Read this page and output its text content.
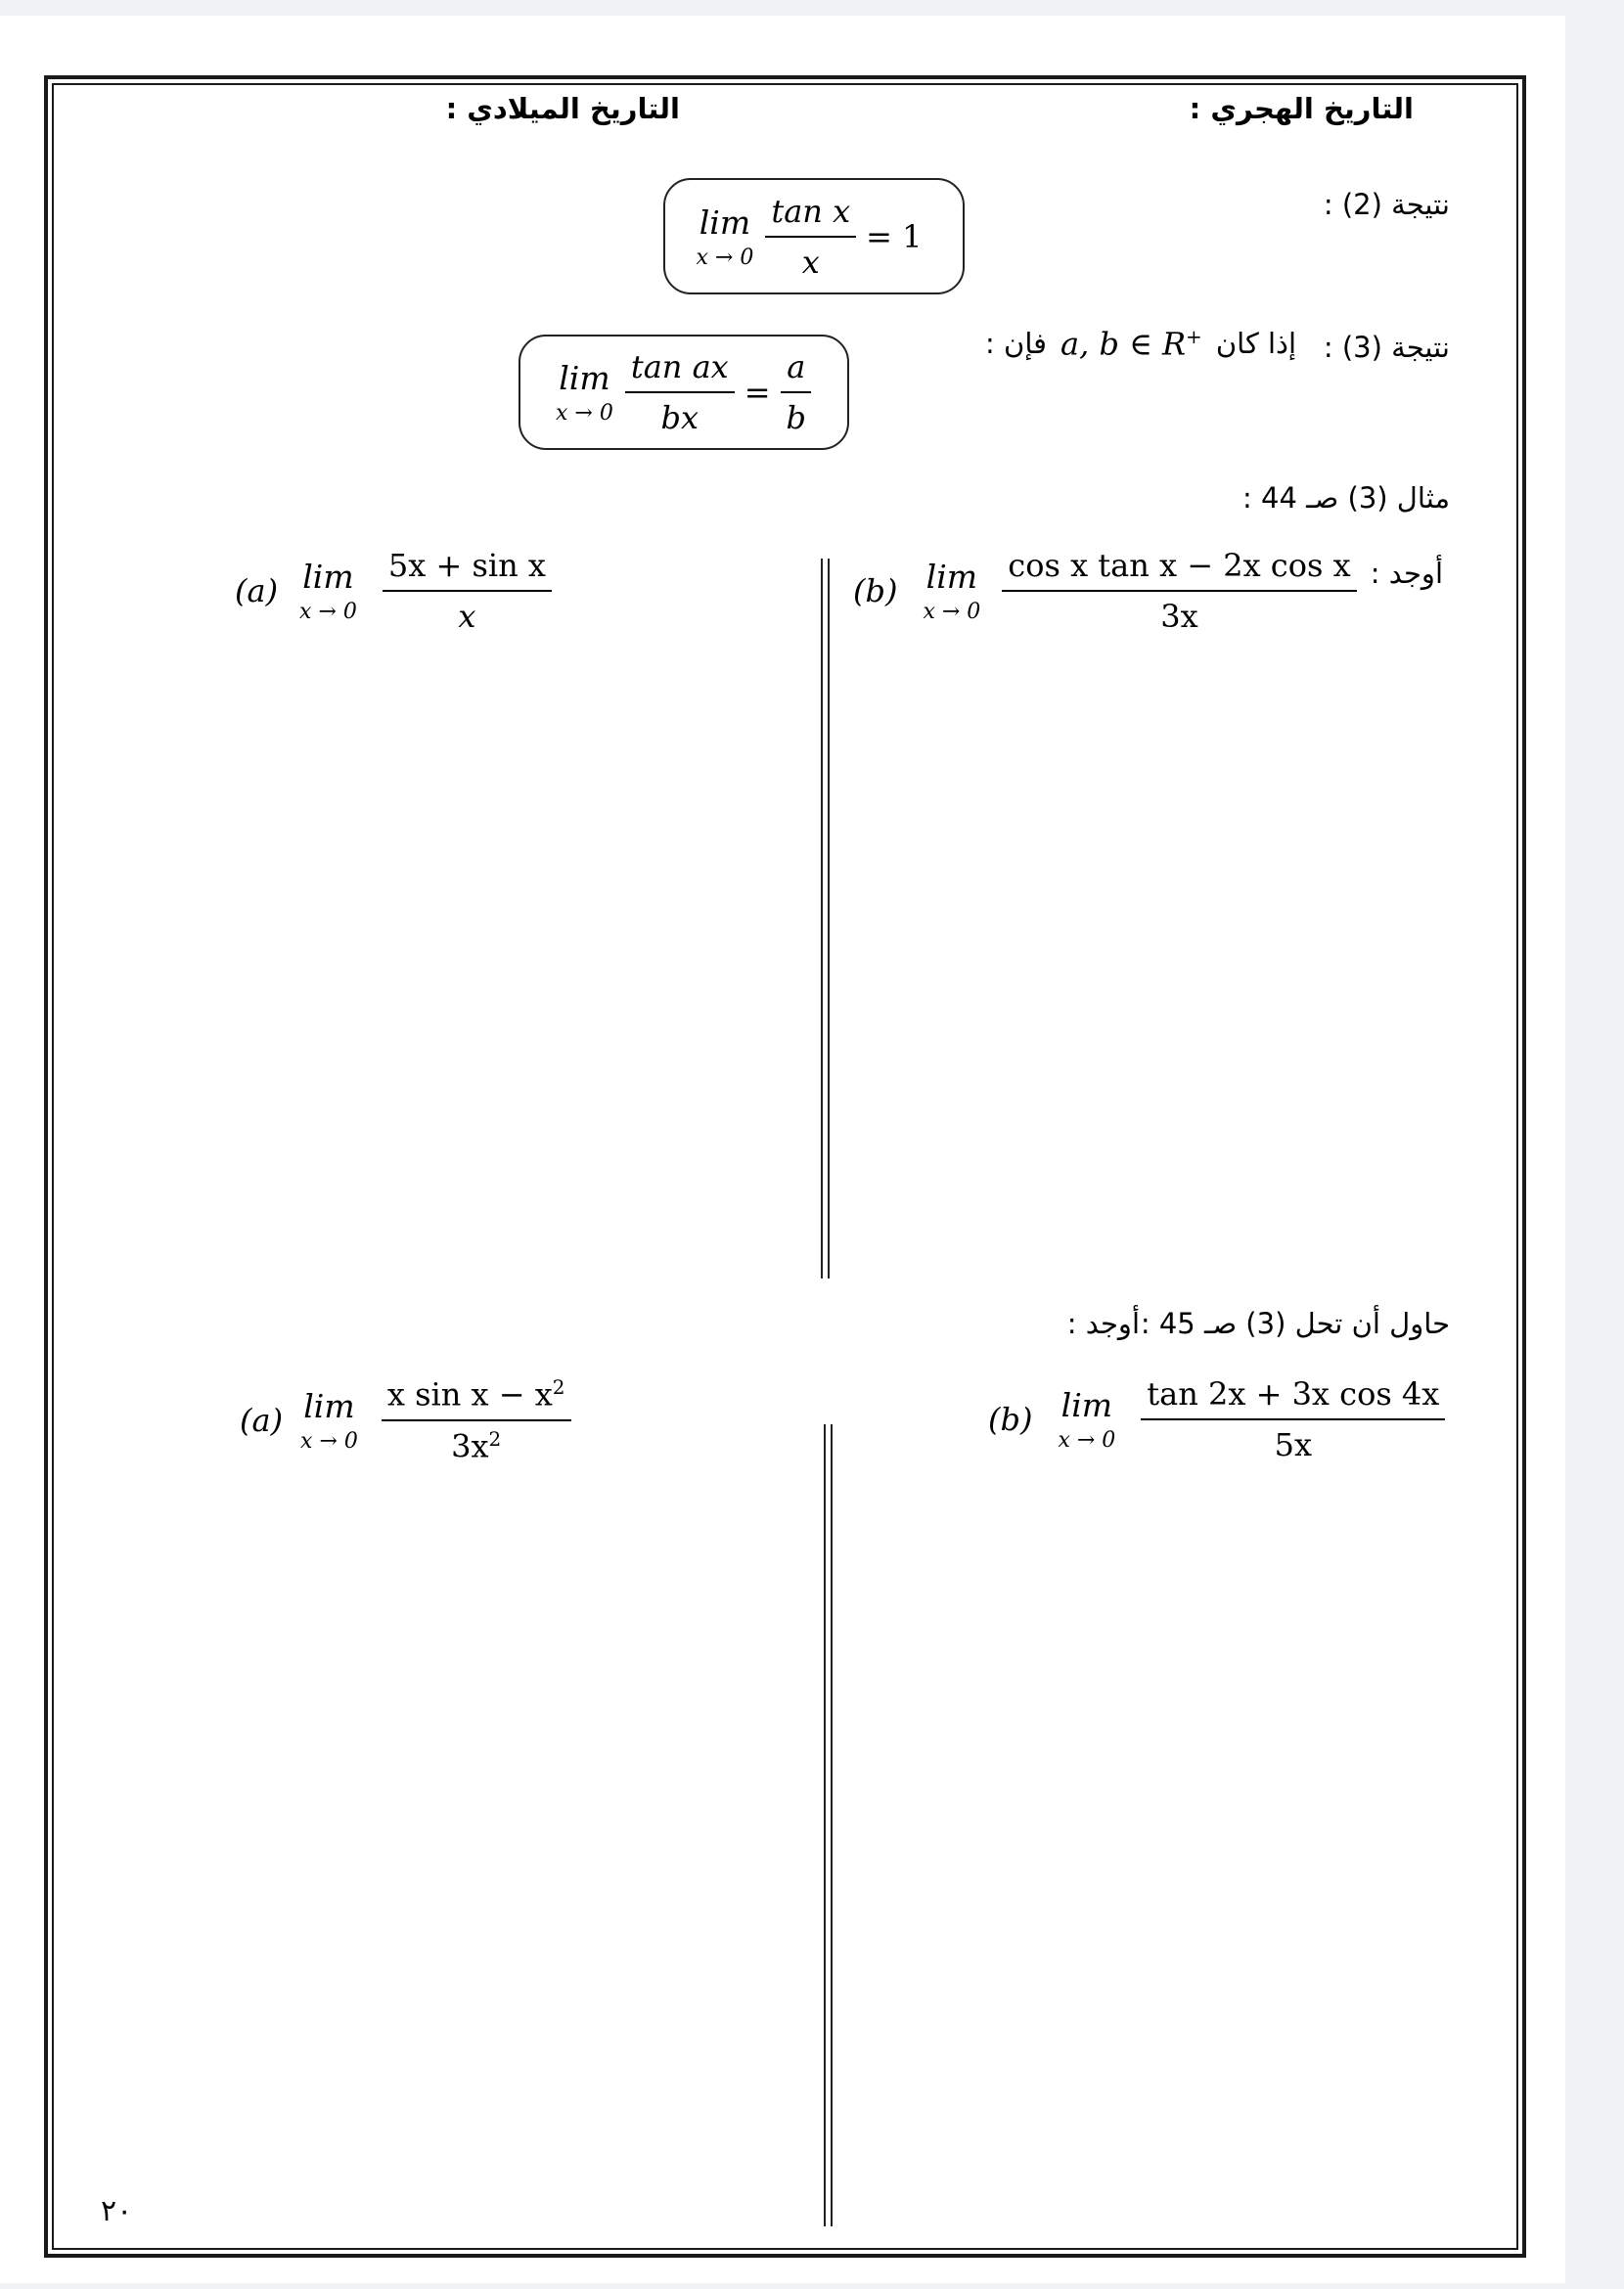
التاريخ الهجري :
التاريخ الميلادي :
نتيجة (2) :
lim
$x \to 0 \frac{\text{tan x}}{x} = 1$
نتيجة (3) :
إذا كان
a, b ∈ R+
فإن :
lim
$x \to 0 \frac{\text{tan ax}}{bx} = \frac{a}{b}$
مثال (3) صـ 44 :
أوجد :
(b) lim
$x \to 0 \frac{\text{cos x tan x − 2x cos x}}{3x}$
(a) lim
$x \to 0 \frac{\text{5x + sin x}}{x}$
حاول أن تحل (3) صـ 45 :
أوجد :
(b) lim
$x \to 0 \frac{\text{tan 2x + 3x cos 4x}}{5x}$
(a) lim
$x \to 0 \frac{x \sin x - x^2}{3x^2}$
٢٠
